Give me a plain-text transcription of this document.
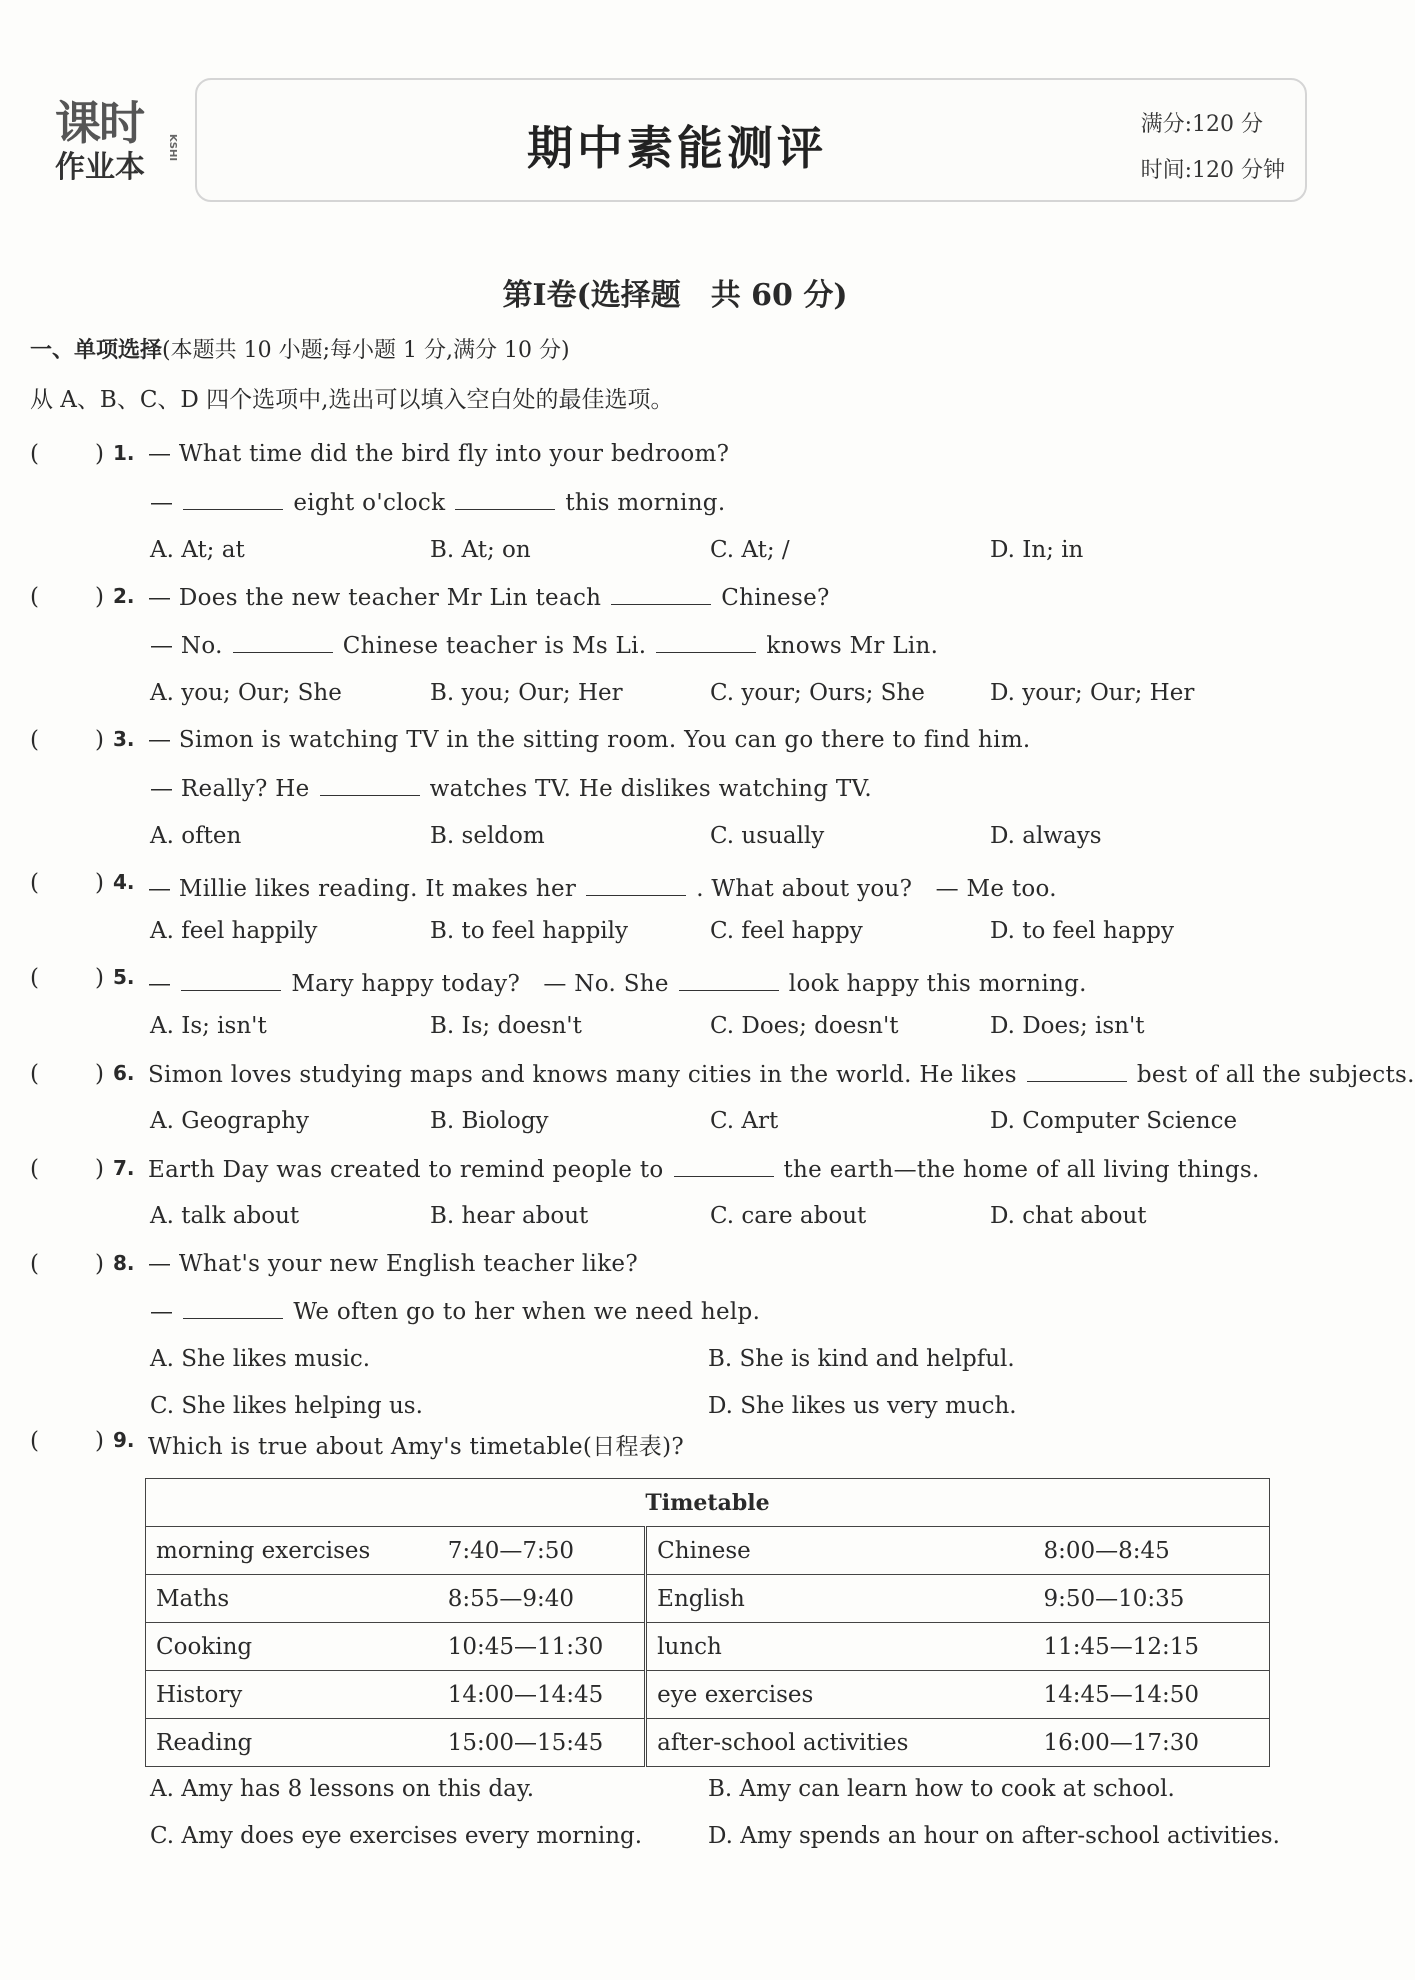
课时
作业本
KSHI	期中素能测评	满分:120 分
时间:120 分钟
第Ⅰ卷(选择题　共 60 分)
一、单项选择(本题共 10 小题;每小题 1 分,满分 10 分)
从 A、B、C、D 四个选项中,选出可以填入空白处的最佳选项。
( ) 1. — What time did the bird fly into your bedroom?
—	eight o'clock	this morning.
A. At; at	B. At; on	C. At; /	D. In; in
( ) 2. — Does the new teacher Mr Lin teach	Chinese?
— No.	Chinese teacher is Ms Li.	knows Mr Lin.
A. you; Our; She	B. you; Our; Her	C. your; Ours; She	D. your; Our; Her
( ) 3. — Simon is watching TV in the sitting room. You can go there to find him.
— Really? He	watches TV. He dislikes watching TV.
A. often	B. seldom	C. usually	D. always
( ) 4. — Millie likes reading. It makes her	. What about you?　— Me too.
A. feel happily	B. to feel happily	C. feel happy	D. to feel happy
( ) 5. —	Mary happy today?　— No. She	look happy this morning.
A. Is; isn't	B. Is; doesn't	C. Does; doesn't	D. Does; isn't
( ) 6. Simon loves studying maps and knows many cities in the world. He likes	best of all the subjects.
A. Geography	B. Biology	C. Art	D. Computer Science
( ) 7. Earth Day was created to remind people to	the earth—the home of all living things.
A. talk about	B. hear about	C. care about	D. chat about
( ) 8. — What's your new English teacher like?
—	We often go to her when we need help.
A. She likes music.	B. She is kind and helpful.
C. She likes helping us.	D. She likes us very much.
( ) 9. Which is true about Amy's timetable(日程表)?
Timetable			
morning exercises	7:40—7:50	Chinese	8:00—8:45
Maths	8:55—9:40	English	9:50—10:35
Cooking	10:45—11:30	lunch	11:45—12:15
History	14:00—14:45	eye exercises	14:45—14:50
Reading	15:00—15:45	after-school activities	16:00—17:30
A. Amy has 8 lessons on this day.	B. Amy can learn how to cook at school.
C. Amy does eye exercises every morning.	D. Amy spends an hour on after-school activities.
